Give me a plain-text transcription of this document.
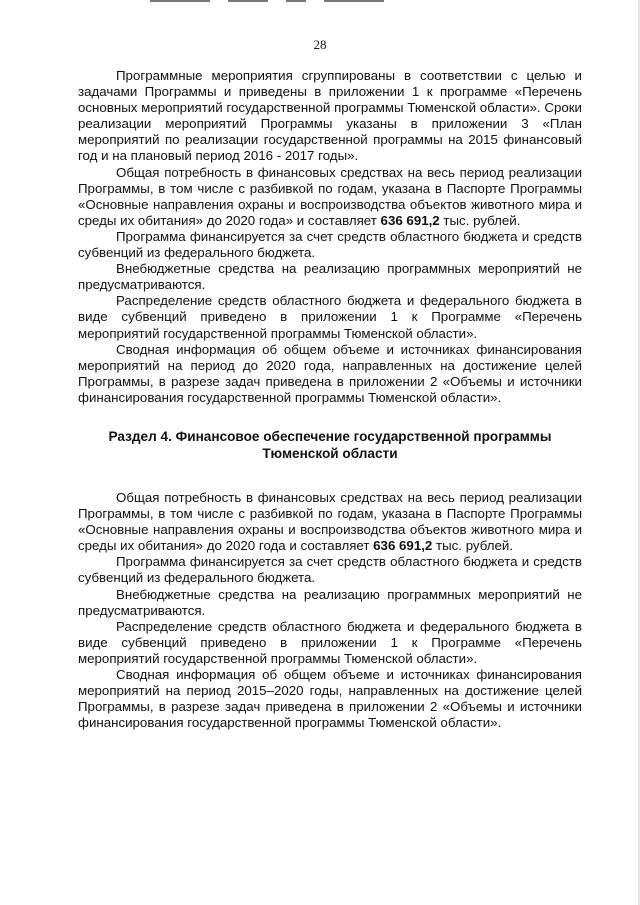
28

Программные мероприятия сгруппированы в соответствии с целью и задачами Программы и приведены в приложении 1 к программе «Перечень основных мероприятий государственной программы Тюменской области». Сроки реализации мероприятий Программы указаны в приложении 3 «План мероприятий по реализации государственной программы на 2015 финансовый год и на плановый период 2016 - 2017 годы».

Общая потребность в финансовых средствах на весь период реализации Программы, в том числе с разбивкой по годам, указана в Паспорте Программы «Основные направления охраны и воспроизводства объектов животного мира и среды их обитания» до 2020 года» и составляет 636 691,2 тыс. рублей.

Программа финансируется за счет средств областного бюджета и средств субвенций из федерального бюджета.

Внебюджетные средства на реализацию программных мероприятий не предусматриваются.

Распределение средств областного бюджета и федерального бюджета в виде субвенций приведено в приложении 1 к Программе «Перечень мероприятий государственной программы Тюменской области».

Сводная информация об общем объеме и источниках финансирования мероприятий на период до 2020 года, направленных на достижение целей Программы, в разрезе задач приведена в приложении 2 «Объемы и источники финансирования государственной программы Тюменской области».

Раздел 4. Финансовое обеспечение государственной программы
Тюменской области

Общая потребность в финансовых средствах на весь период реализации Программы, в том числе с разбивкой по годам, указана в Паспорте Программы «Основные направления охраны и воспроизводства объектов животного мира и среды их обитания» до 2020 года и составляет 636 691,2 тыс. рублей.

Программа финансируется за счет средств областного бюджета и средств субвенций из федерального бюджета.

Внебюджетные средства на реализацию программных мероприятий не предусматриваются.

Распределение средств областного бюджета и федерального бюджета в виде субвенций приведено в приложении 1 к Программе «Перечень мероприятий государственной программы Тюменской области».

Сводная информация об общем объеме и источниках финансирования мероприятий на период 2015–2020 годы, направленных на достижение целей Программы, в разрезе задач приведена в приложении 2 «Объемы и источники финансирования государственной программы Тюменской области».
